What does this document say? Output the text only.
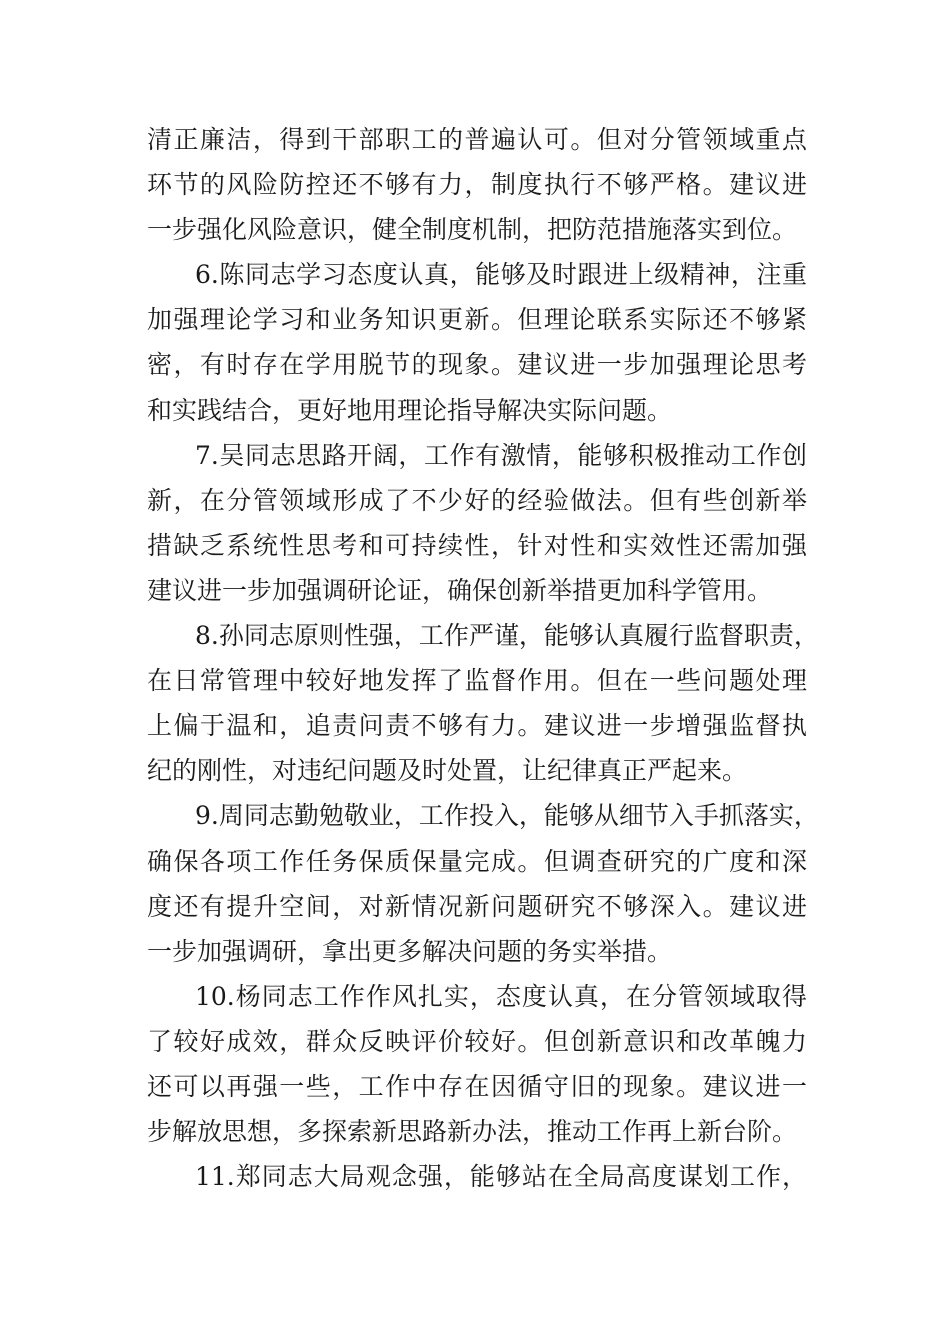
清正廉洁，得到干部职工的普遍认可。但对分管领域重点
环节的风险防控还不够有力，制度执行不够严格。建议进
一步强化风险意识，健全制度机制，把防范措施落实到位。
6.陈同志学习态度认真，能够及时跟进上级精神，注重
加强理论学习和业务知识更新。但理论联系实际还不够紧
密，有时存在学用脱节的现象。建议进一步加强理论思考
和实践结合，更好地用理论指导解决实际问题。
7.吴同志思路开阔，工作有激情，能够积极推动工作创
新，在分管领域形成了不少好的经验做法。但有些创新举
措缺乏系统性思考和可持续性，针对性和实效性还需加强
建议进一步加强调研论证，确保创新举措更加科学管用。
8.孙同志原则性强，工作严谨，能够认真履行监督职责，
在日常管理中较好地发挥了监督作用。但在一些问题处理
上偏于温和，追责问责不够有力。建议进一步增强监督执
纪的刚性，对违纪问题及时处置，让纪律真正严起来。
9.周同志勤勉敬业，工作投入，能够从细节入手抓落实，
确保各项工作任务保质保量完成。但调查研究的广度和深
度还有提升空间，对新情况新问题研究不够深入。建议进
一步加强调研，拿出更多解决问题的务实举措。
10.杨同志工作作风扎实，态度认真，在分管领域取得
了较好成效，群众反映评价较好。但创新意识和改革魄力
还可以再强一些，工作中存在因循守旧的现象。建议进一
步解放思想，多探索新思路新办法，推动工作再上新台阶。
11.郑同志大局观念强，能够站在全局高度谋划工作，
